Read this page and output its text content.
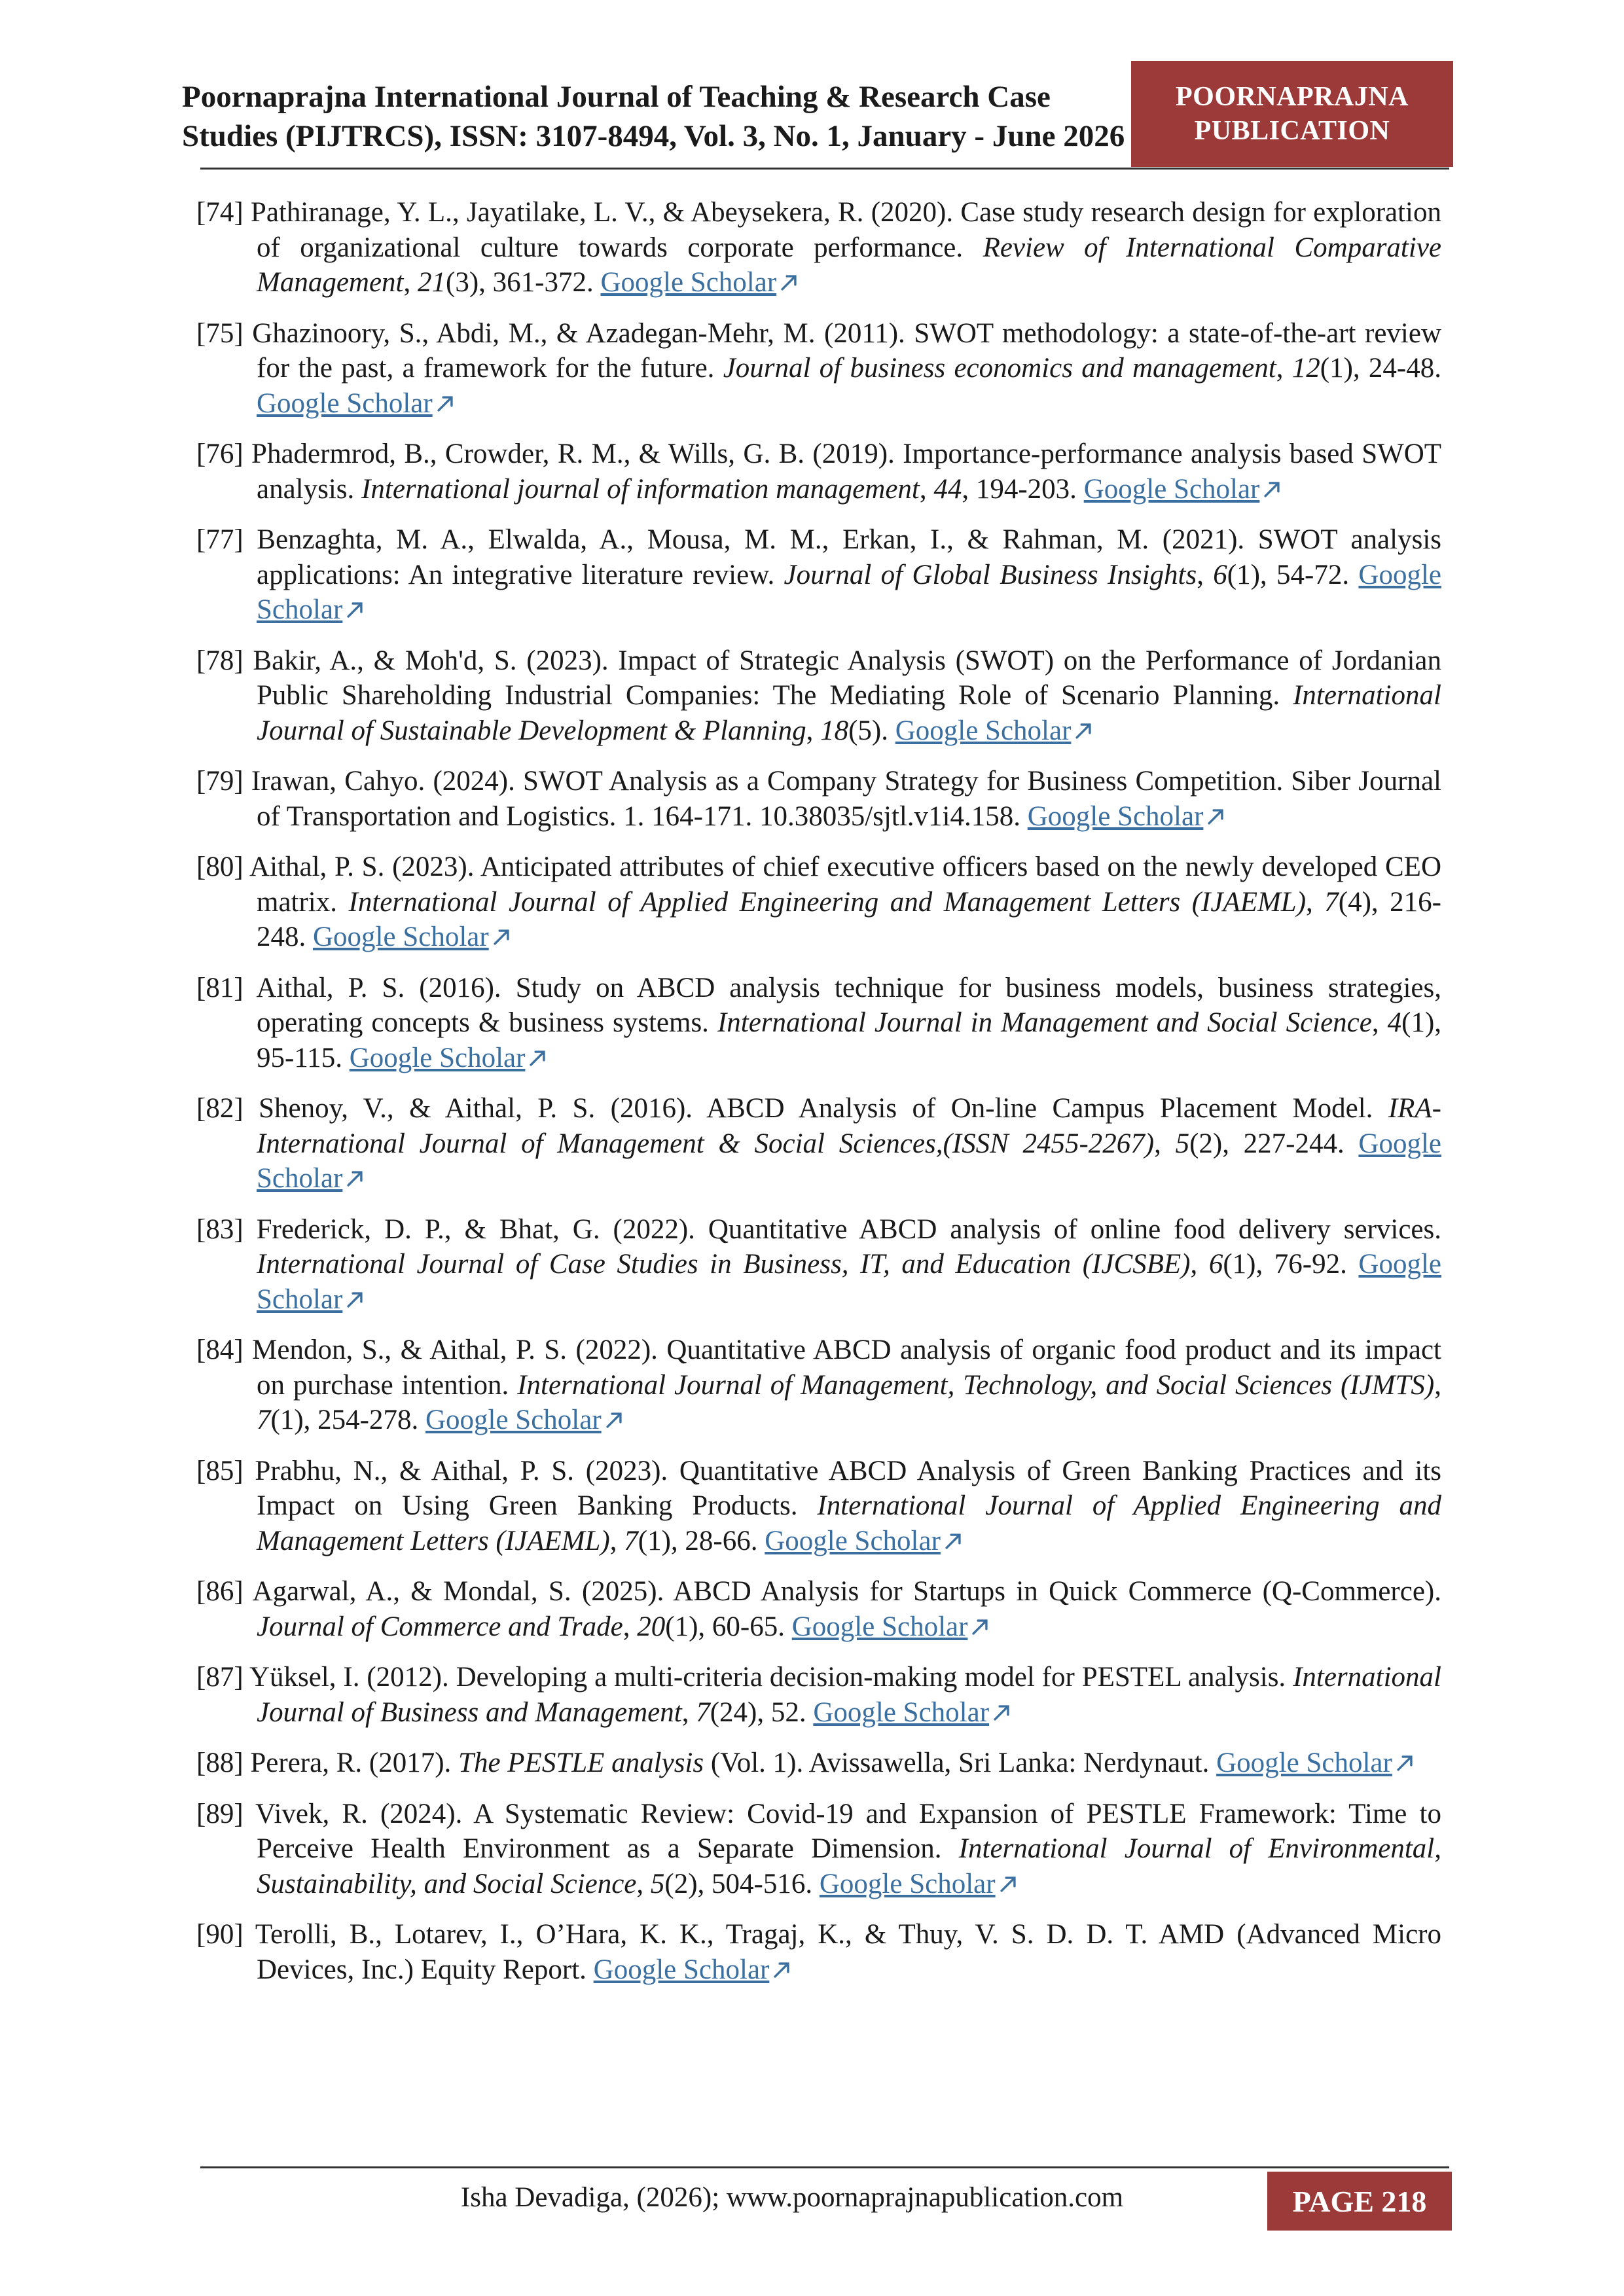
Poornaprajna International Journal of Teaching & Research Case
Studies (PIJTRCS), ISSN: 3107-8494, Vol. 3, No. 1, January - June 2026
POORNAPRAJNA
PUBLICATION
[74] Pathiranage, Y. L., Jayatilake, L. V., & Abeysekera, R. (2020). Case study research design for exploration of organizational culture towards corporate performance. Review of International Comparative Management, 21(3), 361-372. Google Scholar
[75] Ghazinoory, S., Abdi, M., & Azadegan-Mehr, M. (2011). SWOT methodology: a state-of-the-art review for the past, a framework for the future. Journal of business economics and management, 12(1), 24-48. Google Scholar
[76] Phadermrod, B., Crowder, R. M., & Wills, G. B. (2019). Importance-performance analysis based SWOT analysis. International journal of information management, 44, 194-203. Google Scholar
[77] Benzaghta, M. A., Elwalda, A., Mousa, M. M., Erkan, I., & Rahman, M. (2021). SWOT analysis applications: An integrative literature review. Journal of Global Business Insights, 6(1), 54-72. Google Scholar
[78] Bakir, A., & Moh'd, S. (2023). Impact of Strategic Analysis (SWOT) on the Performance of Jordanian Public Shareholding Industrial Companies: The Mediating Role of Scenario Planning. International Journal of Sustainable Development & Planning, 18(5). Google Scholar
[79] Irawan, Cahyo. (2024). SWOT Analysis as a Company Strategy for Business Competition. Siber Journal of Transportation and Logistics. 1. 164-171. 10.38035/sjtl.v1i4.158. Google Scholar
[80] Aithal, P. S. (2023). Anticipated attributes of chief executive officers based on the newly developed CEO matrix. International Journal of Applied Engineering and Management Letters (IJAEML), 7(4), 216-248. Google Scholar
[81] Aithal, P. S. (2016). Study on ABCD analysis technique for business models, business strategies, operating concepts & business systems. International Journal in Management and Social Science, 4(1), 95-115. Google Scholar
[82] Shenoy, V., & Aithal, P. S. (2016). ABCD Analysis of On-line Campus Placement Model. IRA-International Journal of Management & Social Sciences,(ISSN 2455-2267), 5(2), 227-244. Google Scholar
[83] Frederick, D. P., & Bhat, G. (2022). Quantitative ABCD analysis of online food delivery services. International Journal of Case Studies in Business, IT, and Education (IJCSBE), 6(1), 76-92. Google Scholar
[84] Mendon, S., & Aithal, P. S. (2022). Quantitative ABCD analysis of organic food product and its impact on purchase intention. International Journal of Management, Technology, and Social Sciences (IJMTS), 7(1), 254-278. Google Scholar
[85] Prabhu, N., & Aithal, P. S. (2023). Quantitative ABCD Analysis of Green Banking Practices and its Impact on Using Green Banking Products. International Journal of Applied Engineering and Management Letters (IJAEML), 7(1), 28-66. Google Scholar
[86] Agarwal, A., & Mondal, S. (2025). ABCD Analysis for Startups in Quick Commerce (Q-Commerce). Journal of Commerce and Trade, 20(1), 60-65. Google Scholar
[87] Yüksel, I. (2012). Developing a multi-criteria decision-making model for PESTEL analysis. International Journal of Business and Management, 7(24), 52. Google Scholar
[88] Perera, R. (2017). The PESTLE analysis (Vol. 1). Avissawella, Sri Lanka: Nerdynaut. Google Scholar
[89] Vivek, R. (2024). A Systematic Review: Covid-19 and Expansion of PESTLE Framework: Time to Perceive Health Environment as a Separate Dimension. International Journal of Environmental, Sustainability, and Social Science, 5(2), 504-516. Google Scholar
[90] Terolli, B., Lotarev, I., O’Hara, K. K., Tragaj, K., & Thuy, V. S. D. D. T. AMD (Advanced Micro Devices, Inc.) Equity Report. Google Scholar
Isha Devadiga, (2026); www.poornaprajnapublication.com	PAGE 218
